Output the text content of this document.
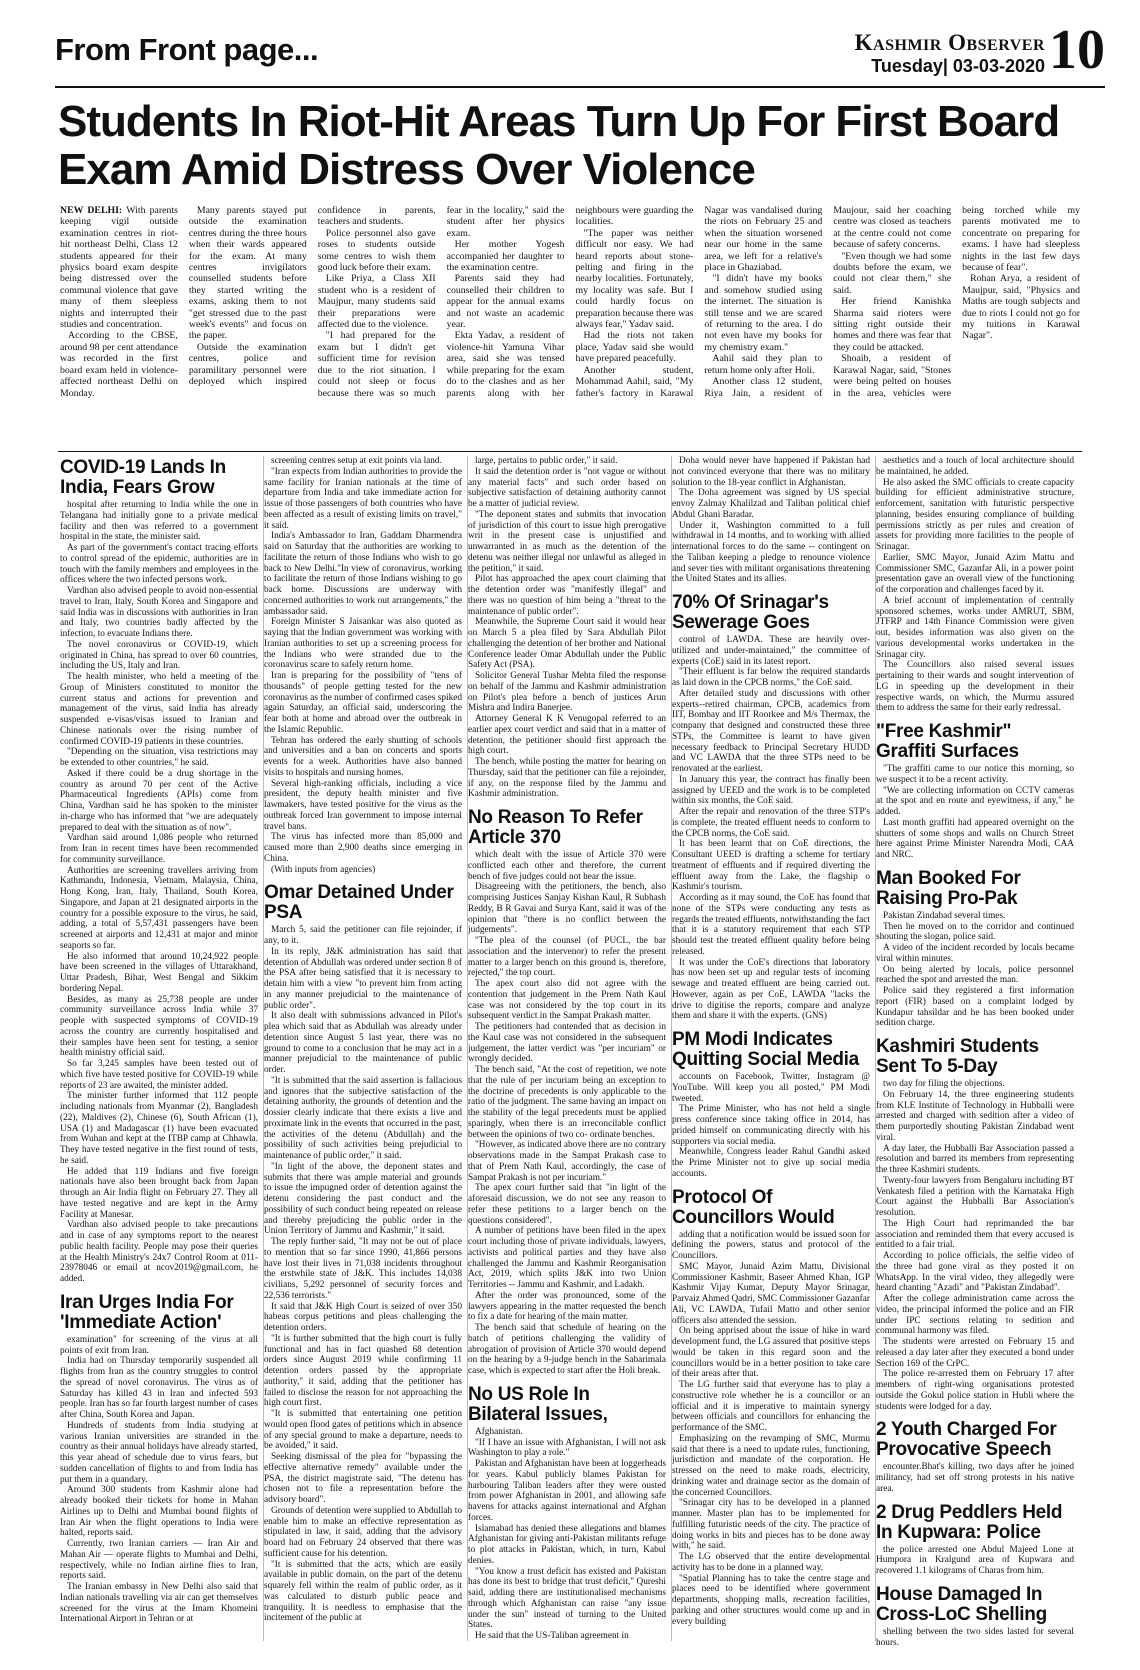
From Front page...	Kashmir Observer
Tuesday| 03-03-2020 10
Students In Riot-Hit Areas Turn Up For First Board Exam Amid Distress Over Violence

NEW DELHI: With parents keeping vigil outside examination centres in riot-hit northeast Delhi, Class 12 students appeared for their physics board exam despite being distressed over the communal violence that gave many of them sleepless nights and interrupted their studies and concentration.

According to the CBSE, around 98 per cent attendance was recorded in the first board exam held in violence-affected northeast Delhi on Monday.

Many parents stayed put outside the examination centres during the three hours when their wards appeared for the exam. At many centres invigilators counselled students before they started writing the exams, asking them to not "get stressed due to the past week's events" and focus on the paper.

Outside the examination centres, police and paramilitary personnel were deployed which inspired confidence in parents, teachers and students.

Police personnel also gave roses to students outside some centres to wish them good luck before their exam.

Like Priya, a Class XII student who is a resident of Maujpur, many students said their preparations were affected due to the violence.

"I had prepared for the exam but I didn't get sufficient time for revision due to the riot situation. I could not sleep or focus because there was so much fear in the locality," said the student after her physics exam.

Her mother Yogesh accompanied her daughter to the examination centre.

Parents said they had counselled their children to appear for the annual exams and not waste an academic year.

Ekta Yadav, a resident of violence-hit Yamuna Vihar area, said she was tensed while preparing for the exam do to the clashes and as her parents along with her neighbours were guarding the localities.

"The paper was neither difficult nor easy. We had heard reports about stone-pelting and firing in the nearby localities. Fortunately, my locality was safe. But I could hardly focus on preparation because there was always fear," Yadav said.

Had the riots not taken place, Yadav said she would have prepared peacefully.

Another student, Mohammad Aahil, said, "My father's factory in Karawal Nagar was vandalised during the riots on February 25 and when the situation worsened near our home in the same area, we left for a relative's place in Ghaziabad.

"I didn't have my books and somehow studied using the internet. The situation is still tense and we are scared of returning to the area. I do not even have my books for my chemistry exam."

Aahil said they plan to return home only after Holi.

Another class 12 student, Riya Jain, a resident of Maujour, said her coaching centre was closed as teachers at the centre could not come because of safety concerns.

"Even though we had some doubts before the exam, we could not clear them," she said.

Her friend Kanishka Sharma said rioters were sitting right outside their homes and there was fear that they could be attacked.

Shoaib, a resident of Karawal Nagar, said, "Stones were being pelted on houses in the area, vehicles were being torched while my parents motivated me to concentrate on preparing for exams. I have had sleepless nights in the last few days because of fear".

Rohan Arya, a resident of Maujpur, said, "Physics and Maths are tough subjects and due to riots I could not go for my tuitions in Karawal Nagar".

COVID-19 Lands In India, Fears Grow

hospital after returning to India while the one in Telangana had initially gone to a private medical facility and then was referred to a government hospital in the state, the minister said.

As part of the government's contact tracing efforts to control spread of the epidemic, authorities are in touch with the family members and employees in the offices where the two infected persons work.

Vardhan also advised people to avoid non-essential travel to Iran, Italy, South Korea and Singapore and said India was in discussions with authorities in Iran and Italy, two countries badly affected by the infection, to evacuate Indians there.

The novel coronavirus or COVID-19, which originated in China, has spread to over 60 countries, including the US, Italy and Iran.

The health minister, who held a meeting of the Group of Ministers constituted to monitor the current status and actions for prevention and management of the virus, said India has already suspended e-visas/visas issued to Iranian and Chinese nationals over the rising number of confirmed COVID-19 patients in these countries.

"Depending on the situation, visa restrictions may be extended to other countries," he said.

Asked if there could be a drug shortage in the country as around 70 per cent of the Active Pharmaceutical Ingredients (APIs) come from China, Vardhan said he has spoken to the minister in-charge who has informed that "we are adequately prepared to deal with the situation as of now".

Vardhan said around 1,086 people who returned from Iran in recent times have been recommended for community surveillance.

Authorities are screening travellers arriving from Kathmandu, Indonesia, Vietnam, Malaysia, China, Hong Kong, Iran, Italy, Thailand, South Korea, Singapore, and Japan at 21 designated airports in the country for a possible exposure to the virus, he said, adding, a total of 5,57,431 passengers have been screened at airports and 12,431 at major and minor seaports so far.

He also informed that around 10,24,922 people have been screened in the villages of Uttarakhand, Uttar Pradesh, Bihar, West Bengal and Sikkim bordering Nepal.

Besides, as many as 25,738 people are under community surveillance across India while 37 people with suspected symptoms of COVID-19 across the country are currently hospitalised and their samples have been sent for testing, a senior health ministry official said.

So far 3,245 samples have been tested out of which five have tested positive for COVID-19 while reports of 23 are awaited, the minister added.

The minister further informed that 112 people including nationals from Myanmar (2), Bangladesh (22), Maldives (2), Chinese (6), South African (1), USA (1) and Madagascar (1) have been evacuated from Wuhan and kept at the ITBP camp at Chhawla. They have tested negative in the first round of tests, he said.

He added that 119 Indians and five foreign nationals have also been brought back from Japan through an Air India flight on February 27. They all have tested negative and are kept in the Army Facility at Manesar.

Vardhan also advised people to take precautions and in case of any symptoms report to the nearest public health facility. People may pose their queries at the Health Ministry's 24x7 Control Room at 011-23978046 or email at ncov2019@gmail.com, he added.

Iran Urges India For 'Immediate Action'

examination" for screening of the virus at all points of exit from Iran.

India had on Thursday temporarily suspended all flights from Iran as the country struggles to control the spread of novel coronavirus. The virus as of Saturday has killed 43 in Iran and infected 593 people. Iran has so far fourth largest number of cases after China, South Korea and Japan.

Hundreds of students from India studying at various Iranian universities are stranded in the country as their annual holidays have already started, this year ahead of schedule due to virus fears, but sudden cancellation of flights to and from India has put them in a quandary.

Around 300 students from Kashmir alone had already booked their tickets for home in Mahan Airlines up to Delhi and Mumbai bound flights of Iran Air when the flight operations to India were halted, reports said.

Currently, two Iranian carriers — Iran Air and Mahan Air — operate flights to Mumbai and Delhi, respectively, while no Indian airline flies to Iran, reports said.

The Iranian embassy in New Delhi also said that Indian nationals travelling via air can get themselves screened for the virus at the Imam Khomeini International Airport in Tehran or at

screening centres setup at exit points via land.

"Iran expects from Indian authorities to provide the same facility for Iranian nationals at the time of departure from India and take immediate action for issue of those passengers of both countries who have been affected as a result of existing limits on travel," it said.

India's Ambassador to Iran, Gaddam Dharmendra said on Saturday that the authorities are working to facilitate the return of those Indians who wish to go back to New Delhi."In view of coronavirus, working to facilitate the return of those Indians wishing to go back home. Discussions are underway with concerned authorities to work out arrangements," the ambassador said.

Foreign Minister S Jaisankar was also quoted as saying that the Indian government was working with Iranian authorities to set up a screening process for the Indians who were stranded due to the coronavirus scare to safely return home.

Iran is preparing for the possibility of "tens of thousands" of people getting tested for the new coronavirus as the number of confirmed cases spiked again Saturday, an official said, underscoring the fear both at home and abroad over the outbreak in the Islamic Republic.

Tehran has ordered the early shutting of schools and universities and a ban on concerts and sports events for a week. Authorities have also banned visits to hospitals and nursing homes.

Several high-ranking officials, including a vice president, the deputy health minister and five lawmakers, have tested positive for the virus as the outbreak forced Iran government to impose internal travel bans.

The virus has infected more than 85,000 and caused more than 2,900 deaths since emerging in China.

(With inputs from agencies)

Omar Detained Under PSA

March 5, said the petitioner can file rejoinder, if any, to it.

In its reply, J&K administration has said that detention of Abdullah was ordered under section 8 of the PSA after being satisfied that it is necessary to detain him with a view "to prevent him from acting in any manner prejudicial to the maintenance of public order".

It also dealt with submissions advanced in Pilot's plea which said that as Abdullah was already under detention since August 5 last year, there was no ground to come to a conclusion that he may act in a manner prejudicial to the maintenance of public order.

"It is submitted that the said assertion is fallacious and ignores that the subjective satisfaction of the detaining authority, the grounds of detention and the dossier clearly indicate that there exists a live and proximate link in the events that occurred in the past, the activities of the detenu (Abdullah) and the possibility of such activities being prejudicial to maintenance of public order," it said.

"In light of the above, the deponent states and submits that there was ample material and grounds to issue the impugned order of detention against the detenu considering the past conduct and the possibility of such conduct being repeated on release and thereby prejudicing the public order in the Union Territory of Jammu and Kashmir," it said.

The reply further said, "It may not be out of place to mention that so far since 1990, 41,866 persons have lost their lives in 71,038 incidents throughout the erstwhile state of J&K. This includes 14,038 civilians, 5,292 personnel of security forces and 22,536 terrorists."

It said that J&K High Court is seized of over 350 habeas corpus petitions and pleas challenging the detention orders.

"It is further submitted that the high court is fully functional and has in fact quashed 68 detention orders since August 2019 while confirming 11 detention orders passed by the appropriate authority," it said, adding that the petitioner has failed to disclose the reason for not approaching the high court first.

"It is submitted that entertaining one petition would open flood gates of petitions which in absence of any special ground to make a departure, needs to be avoided," it said.

Seeking dismissal of the plea for "bypassing the effective alternative remedy" available under the PSA, the district magistrate said, "The detenu has chosen not to file a representation before the advisory board".

Grounds of detention were supplied to Abdullah to enable him to make an effective representation as stipulated in law, it said, adding that the advisory board had on February 24 observed that there was sufficient cause for his detention.

"It is submitted that the acts, which are easily available in public domain, on the part of the detenu squarely fell within the realm of public order, as it was calculated to disturb public peace and tranquility. It is needless to emphasise that the incitement of the public at

large, pertains to public order," it said.

It said the detention order is "not vague or without any material facts" and such order based on subjective satisfaction of detaining authority cannot be a matter of judicial review.

"The deponent states and submits that invocation of jurisdiction of this court to issue high prerogative writ in the present case is unjustified and unwarranted in as much as the detention of the detenu was neither illegal nor unlawful as alleged in the petition," it said.

Pilot has approached the apex court claiming that the detention order was "manifestly illegal" and there was no question of him being a "threat to the maintenance of public order".

Meanwhile, the Supreme Court said it would hear on March 5 a plea filed by Sara Abdullah Pilot challenging the detention of her brother and National Conference leader Omar Abdullah under the Public Safety Act (PSA).

Solicitor General Tushar Mehta filed the response on behalf of the Jammu and Kashmir administration on Pilot's plea before a bench of justices Arun Mishra and Indira Banerjee.

Attorney General K K Venugopal referred to an earlier apex court verdict and said that in a matter of detention, the petitioner should first approach the high court.

The bench, while posting the matter for hearing on Thursday, said that the petitioner can file a rejoinder, if any, on the response filed by the Jammu and Kashmir administration.

No Reason To Refer Article 370

which dealt with the issue of Article 370 were conflicted each other and therefore, the current bench of five judges could not hear the issue.

Disagreeing with the petitioners, the bench, also comprising Justices Sanjay Kishan Kaul, R Subhash Reddy, B R Gavai and Surya Kant, said it was of the opinion that "there is no conflict between the judgements".

"The plea of the counsel (of PUCL, the bar association and the intervenor) to refer the present matter to a larger bench on this ground is, therefore, rejected," the top court.

The apex court also did not agree with the contention that judgement in the Prem Nath Kaul case was not considered by the top court in its subsequent verdict in the Sampat Prakash matter.

The petitioners had contended that as decision in the Kaul case was not considered in the subsequent judgement, the latter verdict was "per incuriam" or wrongly decided.

The bench said, "At the cost of repetition, we note that the rule of per incuriam being an exception to the doctrine of precedents is only applicable to the ratio of the judgment. The same having an impact on the stability of the legal precedents must be applied sparingly, when there is an irreconcilable conflict between the opinions of two co- ordinate benches.

"However, as indicated above there are no contrary observations made in the Sampat Prakash case to that of Prem Nath Kaul, accordingly, the case of Sampat Prakash is not per incuriam."

The apex court further said that "in light of the aforesaid discussion, we do not see any reason to refer these petitions to a larger bench on the questions considered".

A number of petitions have been filed in the apex court including those of private individuals, lawyers, activists and political parties and they have also challenged the Jammu and Kashmir Reorganisation Act, 2019, which splits J&K into two Union Territories -- Jammu and Kashmir, and Ladakh.

After the order was pronounced, some of the lawyers appearing in the matter requested the bench to fix a date for hearing of the main matter.

The bench said that schedule of hearing on the batch of petitions challenging the validity of abrogation of provision of Article 370 would depend on the hearing by a 9-judge bench in the Sabarimala case, which is expected to start after the Holi break.

No US Role In Bilateral Issues,

Afghanistan.

"If I have an issue with Afghanistan, I will not ask Washington to play a role."

Pakistan and Afghanistan have been at loggerheads for years. Kabul publicly blames Pakistan for harbouring Taliban leaders after they were ousted from power Afghanistan in 2001, and allowing safe havens for attacks against international and Afghan forces.

Islamabad has denied these allegations and blames Afghanistan for giving anti-Pakistan militants refuge to plot attacks in Pakistan, which, in turn, Kabul denies.

"You know a trust deficit has existed and Pakistan has done its best to bridge that trust deficit," Qureshi said, adding there are institutionalised mechanisms through which Afghanistan can raise "any issue under the sun" instead of turning to the United States.

He said that the US-Taliban agreement in

Doha would never have happened if Pakistan had not convinced everyone that there was no military solution to the 18-year conflict in Afghanistan.

The Doha agreement was signed by US special envoy Zalmay Khalilzad and Taliban political chief Abdul Ghani Baradar.

Under it, Washington committed to a full withdrawal in 14 months, and to working with allied international forces to do the same -- contingent on the Taliban keeping a pledge to renounce violence and sever ties with militant organisations threatening the United States and its allies.

70% Of Srinagar's Sewerage Goes

control of LAWDA. These are heavily over-utilized and under-maintained," the committee of experts (CoE) said in its latest report.

"Their effluent is far below the required standards as laid down in the CPCB norms," the CoE said.

After detailed study and discussions with other experts--retired chairman, CPCB, academics from IIT, Bombay and IIT Roorkee and M/s Thermax, the company that designed and constructed these three STPs, the Committee is learnt to have given necessary feedback to Principal Secretary HUDD and VC LAWDA that the three STPs need to be renovated at the earliest.

In January this year, the contract has finally been assigned by UEED and the work is to be completed within six months, the CoE said.

After the repair and renovation of the three STP's is complete, the treated effluent needs to conform to the CPCB norms, the CoE said.

It has been learnt that on CoE directions, the Consultant UEED is drafting a scheme for tertiary treatment of effluents and if required diverting the effluent away from the Lake, the flagship o Kashmir's tourism.

According as it may sound, the CoE has found that none of the STPs were conducting any tests as regards the treated effluents, notwithstanding the fact that it is a statutory requirement that each STP should test the treated effluent quality before being released.

It was under the CoE's directions that laboratory has now been set up and regular tests of incoming sewage and treated effluent are being carried out. However, again as per CoE, LAWDA "lacks the drive to digitise the reports, compare and analyze them and share it with the experts. (GNS)

PM Modi Indicates Quitting Social Media

accounts on Facebook, Twitter, Instagram @ YouTube. Will keep you all posted," PM Modi tweeted.

The Prime Minister, who has not held a single press conference since taking office in 2014, has prided himself on communicating directly with his supporters via social media.

Meanwhile, Congress leader Rahul Gandhi asked the Prime Minister not to give up social media accounts.

Protocol Of Councillors Would

adding that a notification would be issued soon for defining the powers, status and protocol of the Councillors.

SMC Mayor, Junaid Azim Mattu, Divisional Commissioner Kashmir, Baseer Ahmed Khan, IGP Kashmir Vijay Kumar, Deputy Mayor Srinagar, Parvaiz Ahmed Qadri, SMC Commissioner Gazanfar Ali, VC LAWDA, Tufail Matto and other senior officers also attended the session.

On being apprised about the issue of hike in ward development fund, the LG assured that positive steps would be taken in this regard soon and the councillors would be in a better position to take care of their areas after that.

The LG further said that everyone has to play a constructive role whether he is a councillor or an official and it is imperative to maintain synergy between officials and councillors for enhancing the performance of the SMC.

Emphasizing on the revamping of SMC, Murmu said that there is a need to update rules, functioning, jurisdiction and mandate of the corporation. He stressed on the need to make roads, electricity, drinking water and drainage sector as the domain of the concerned Councillors.

"Srinagar city has to be developed in a planned manner. Master plan has to be implemented for fulfilling futuristic needs of the city. The practice of doing works in bits and pieces has to be done away with," he said.

The LG observed that the entire developmental activity has to be done in a planned way.

"Spatial Planning has to take the centre stage and places need to be identified where government departments, shopping malls, recreation facilities, parking and other structures would come up and in every building

aesthetics and a touch of local architecture should be maintained, he added.

He also asked the SMC officials to create capacity building for efficient administrative structure, enforcement, sanitation with futuristic perspective planning, besides ensuring compliance of building permissions strictly as per rules and creation of assets for providing more facilities to the people of Srinagar.

Earlier, SMC Mayor, Junaid Azim Mattu and Commissioner SMC, Gazanfar Ali, in a power point presentation gave an overall view of the functioning of the corporation and challenges faced by it.

A brief account of implementation of centrally sponsored schemes, works under AMRUT, SBM, JTFRP and 14th Finance Commission were given out, besides information was also given on the various developmental works undertaken in the Srinagar city.

The Councillors also raised several issues pertaining to their wards and sought intervention of LG in speeding up the development in their respective wards, on which, the Murmu assured them to address the same for their early redressal.

"Free Kashmir" Graffiti Surfaces

"The graffiti came to our notice this morning, so we suspect it to be a recent activity.

"We are collecting information on CCTV cameras at the spot and en route and eyewitness, if any," he added.

Last month graffiti had appeared overnight on the shutters of some shops and walls on Church Street here against Prime Minister Narendra Modi, CAA and NRC.

Man Booked For Raising Pro-Pak

Pakistan Zindabad several times.

Then he moved on to the corridor and continued shouting the slogan, police said.

A video of the incident recorded by locals became viral within minutes.

On being alerted by locals, police personnel reached the spot and arrested the man.

Police said they registered a first information report (FIR) based on a complaint lodged by Kundapur tahsildar and he has been booked under sedition charge.

Kashmiri Students Sent To 5-Day

two day for filing the objections.

On February 14, the three engineering students from KLE Institute of Technology in Hubballi were arrested and charged with sedition after a video of them purportedly shouting Pakistan Zindabad went viral.

A day later, the Hubballi Bar Association passed a resolution and barred its members from representing the three Kashmiri students.

Twenty-four lawyers from Bengaluru including BT Venkatesh filed a petition with the Karnataka High Court against the Hubballi Bar Association's resolution.

The High Court had reprimanded the bar association and reminded them that every accused is entitled to a fair trial.

According to police officials, the selfie video of the three had gone viral as they posted it on WhatsApp. In the viral video, they allegedly were heard chanting "Azadi" and "Pakistan Zindabad".

After the college administration came across the video, the principal informed the police and an FIR under IPC sections relating to sedition and communal harmony was filed.

The students were arrested on February 15 and released a day later after they executed a bond under Section 169 of the CrPC.

The police re-arrested them on February 17 after members of right-wing organisations protested outside the Gokul police station in Hubli where the students were lodged for a day.

2 Youth Charged For Provocative Speech

encounter.Bhat's killing, two days after he joined militancy, had set off strong protests in his native area.

2 Drug Peddlers Held In Kupwara: Police

the police arrested one Abdul Majeed Lone at Humpora in Kralgund area of Kupwara and recovered 1.1 kilograms of Charas from him.

House Damaged In Cross-LoC Shelling

shelling between the two sides lasted for several hours.
